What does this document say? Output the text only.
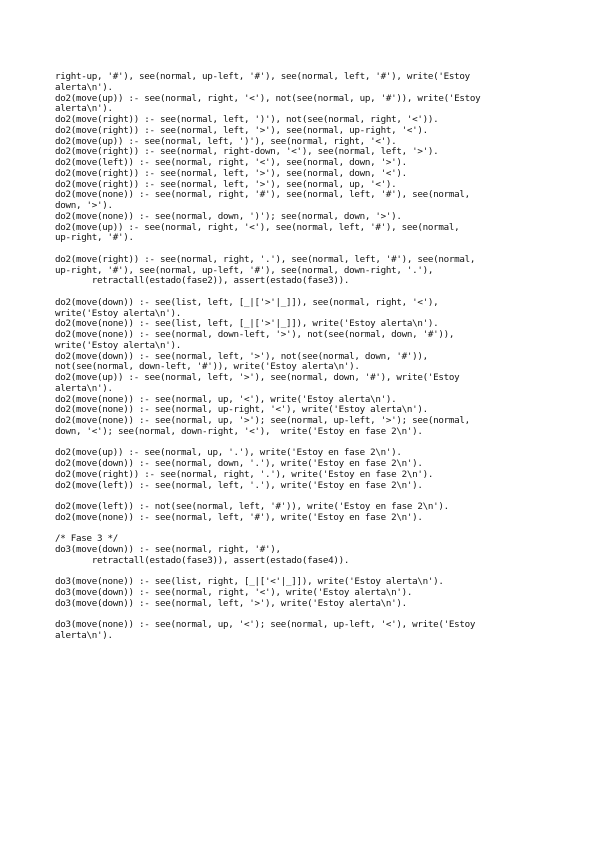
right-up, '#'), see(normal, up-left, '#'), see(normal, left, '#'), write('Estoy
alerta\n').
do2(move(up)) :- see(normal, right, '<'), not(see(normal, up, '#')), write('Estoy
alerta\n').
do2(move(right)) :- see(normal, left, ')'), not(see(normal, right, '<')).
do2(move(right)) :- see(normal, left, '>'), see(normal, up-right, '<').
do2(move(up)) :- see(normal, left, ')'), see(normal, right, '<').
do2(move(right)) :- see(normal, right-down, '<'), see(normal, left, '>').
do2(move(left)) :- see(normal, right, '<'), see(normal, down, '>').
do2(move(right)) :- see(normal, left, '>'), see(normal, down, '<').
do2(move(right)) :- see(normal, left, '>'), see(normal, up, '<').
do2(move(none)) :- see(normal, right, '#'), see(normal, left, '#'), see(normal,
down, '>').
do2(move(none)) :- see(normal, down, ')'); see(normal, down, '>').
do2(move(up)) :- see(normal, right, '<'), see(normal, left, '#'), see(normal,
up-right, '#').
do2(move(right)) :- see(normal, right, '.'), see(normal, left, '#'), see(normal,
up-right, '#'), see(normal, up-left, '#'), see(normal, down-right, '.'),
retractall(estado(fase2)), assert(estado(fase3)).
do2(move(down)) :- see(list, left, [_|['>'|_]]), see(normal, right, '<'),
write('Estoy alerta\n').
do2(move(none)) :- see(list, left, [_|['>'|_]]), write('Estoy alerta\n').
do2(move(none)) :- see(normal, down-left, '>'), not(see(normal, down, '#')),
write('Estoy alerta\n').
do2(move(down)) :- see(normal, left, '>'), not(see(normal, down, '#')),
not(see(normal, down-left, '#')), write('Estoy alerta\n').
do2(move(up)) :- see(normal, left, '>'), see(normal, down, '#'), write('Estoy
alerta\n').
do2(move(none)) :- see(normal, up, '<'), write('Estoy alerta\n').
do2(move(none)) :- see(normal, up-right, '<'), write('Estoy alerta\n').
do2(move(none)) :- see(normal, up, '>'); see(normal, up-left, '>'); see(normal,
down, '<'); see(normal, down-right, '<'),  write('Estoy en fase 2\n').
do2(move(up)) :- see(normal, up, '.'), write('Estoy en fase 2\n').
do2(move(down)) :- see(normal, down, '.'), write('Estoy en fase 2\n').
do2(move(right)) :- see(normal, right, '.'), write('Estoy en fase 2\n').
do2(move(left)) :- see(normal, left, '.'), write('Estoy en fase 2\n').
do2(move(left)) :- not(see(normal, left, '#')), write('Estoy en fase 2\n').
do2(move(none)) :- see(normal, left, '#'), write('Estoy en fase 2\n').
/* Fase 3 */
do3(move(down)) :- see(normal, right, '#'),
retractall(estado(fase3)), assert(estado(fase4)).
do3(move(none)) :- see(list, right, [_|['<'|_]]), write('Estoy alerta\n').
do3(move(down)) :- see(normal, right, '<'), write('Estoy alerta\n').
do3(move(down)) :- see(normal, left, '>'), write('Estoy alerta\n').
do3(move(none)) :- see(normal, up, '<'); see(normal, up-left, '<'), write('Estoy
alerta\n').
